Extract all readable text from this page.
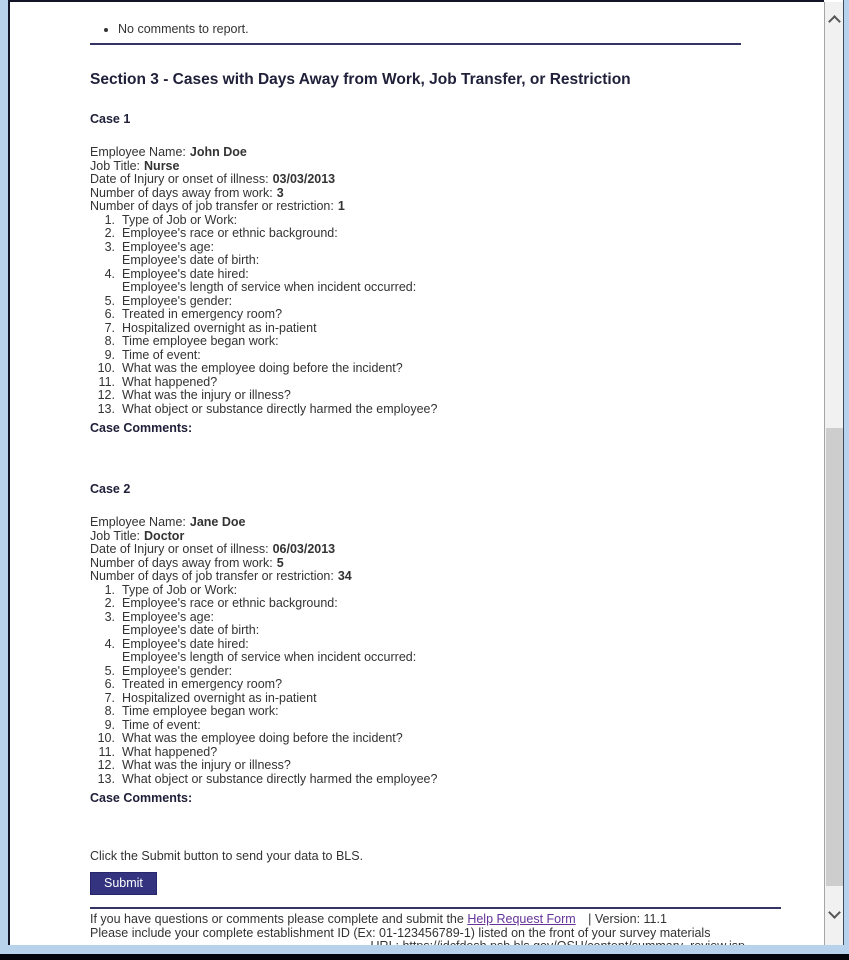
• No comments to report.
Section 3 - Cases with Days Away from Work, Job Transfer, or Restriction
Case 1
Employee Name: John Doe
Job Title: Nurse
Date of Injury or onset of illness: 03/03/2013
Number of days away from work: 3
Number of days of job transfer or restriction: 1
1. Type of Job or Work:
2. Employee's race or ethnic background:
3. Employee's age:
Employee's date of birth:
4. Employee's date hired:
Employee's length of service when incident occurred:
5. Employee's gender:
6. Treated in emergency room?
7. Hospitalized overnight as in-patient
8. Time employee began work:
9. Time of event:
10. What was the employee doing before the incident?
11. What happened?
12. What was the injury or illness?
13. What object or substance directly harmed the employee?
Case Comments:
Case 2
Employee Name: Jane Doe
Job Title: Doctor
Date of Injury or onset of illness: 06/03/2013
Number of days away from work: 5
Number of days of job transfer or restriction: 34
1. Type of Job or Work:
2. Employee's race or ethnic background:
3. Employee's age:
Employee's date of birth:
4. Employee's date hired:
Employee's length of service when incident occurred:
5. Employee's gender:
6. Treated in emergency room?
7. Hospitalized overnight as in-patient
8. Time employee began work:
9. Time of event:
10. What was the employee doing before the incident?
11. What happened?
12. What was the injury or illness?
13. What object or substance directly harmed the employee?
Case Comments:

Click the Submit button to send your data to BLS.

Submit
If you have questions or comments please complete and submit the Help Request Form | Version: 11.1
Please include your complete establishment ID (Ex: 01-123456789-1) listed on the front of your survey materials
